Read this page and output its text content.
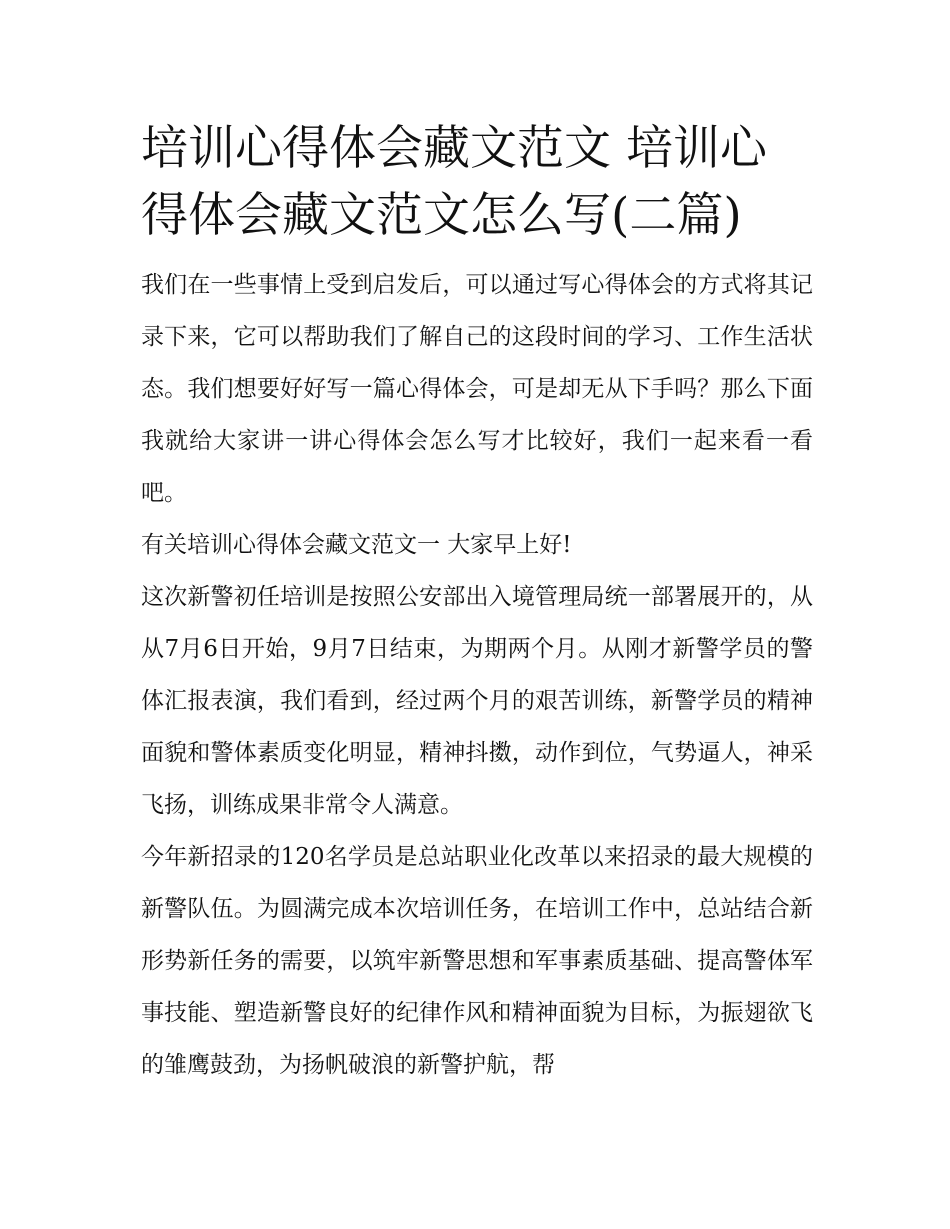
培训心得体会藏文范文 培训心得体会藏文范文怎么写(二篇)

我们在一些事情上受到启发后，可以通过写心得体会的方式将其记录下来，它可以帮助我们了解自己的这段时间的学习、工作生活状态。我们想要好好写一篇心得体会，可是却无从下手吗？那么下面我就给大家讲一讲心得体会怎么写才比较好，我们一起来看一看吧。

有关培训心得体会藏文范文一 大家早上好!

这次新警初任培训是按照公安部出入境管理局统一部署展开的，从从7月6日开始，9月7日结束，为期两个月。从刚才新警学员的警体汇报表演，我们看到，经过两个月的艰苦训练，新警学员的精神面貌和警体素质变化明显，精神抖擞，动作到位，气势逼人，神采飞扬，训练成果非常令人满意。

今年新招录的120名学员是总站职业化改革以来招录的最大规模的新警队伍。为圆满完成本次培训任务，在培训工作中，总站结合新形势新任务的需要，以筑牢新警思想和军事素质基础、提高警体军事技能、塑造新警良好的纪律作风和精神面貌为目标，为振翅欲飞的雏鹰鼓劲，为扬帆破浪的新警护航，帮
